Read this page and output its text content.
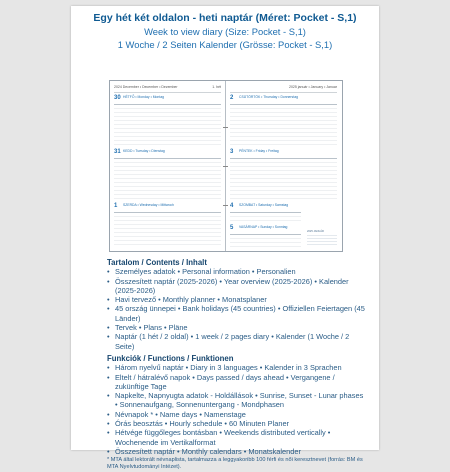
Egy hét két oldalon - heti naptár (Méret: Pocket - S,1)
Week to view diary (Size: Pocket - S,1)
1 Woche / 2 Seiten Kalender (Grösse: Pocket - S,1)
2024 December • December • Dezember	1. hét
30 HÉTFŐ • Monday • Montag
31 KEDD • Tuesday • Dienstag
1 SZERDA • Wednesday • Mittwoch
2025 január • January • Januar
2 CSÜTÖRTÖK • Thursday • Donnerstag
3 PÉNTEK • Friday • Freitag
4 SZOMBAT • Saturday • Samstag
5 VASÁRNAP • Sunday • Sonntag
2025 JANUÁR
Tartalom / Contents / Inhalt
• Személyes adatok • Personal information • Personalien
• Összesített naptár (2025-2026) • Year overview (2025-2026) • Kalender (2025-2026)
• Havi tervező • Monthly planner • Monatsplaner
• 45 ország ünnepei • Bank holidays (45 countries) • Offiziellen Feiertagen (45 Länder)
• Tervek • Plans • Pläne
• Naptár (1 hét / 2 oldal) • 1 week / 2 pages diary • Kalender (1 Woche / 2 Seite)
Funkciók / Functions / Funktionen
• Három nyelvű naptár • Diary in 3 languages • Kalender in 3 Sprachen
• Eltelt / hátralévő napok • Days passed / days ahead • Vergangene / zukünftige Tage
• Napkelte, Napnyugta adatok - Holdállások • Sunrise, Sunset - Lunar phases • Sonnenaufgang, Sonnenuntergang - Mondphasen
• Névnapok * • Name days • Namenstage
• Órás beosztás • Hourly schedule • 60 Minuten Planer
• Hétvége függőleges bontásban • Weekends distributed vertically • Wochenende im Vertikalformat
• Összesített naptár • Monthly calendars • Monatskalender
* MTA által lektorált névnaplista, tartalmazza a leggyakoribb 100 férfi és női keresztnevet (forrás: BM és MTA Nyelvtudományi Intézet).
